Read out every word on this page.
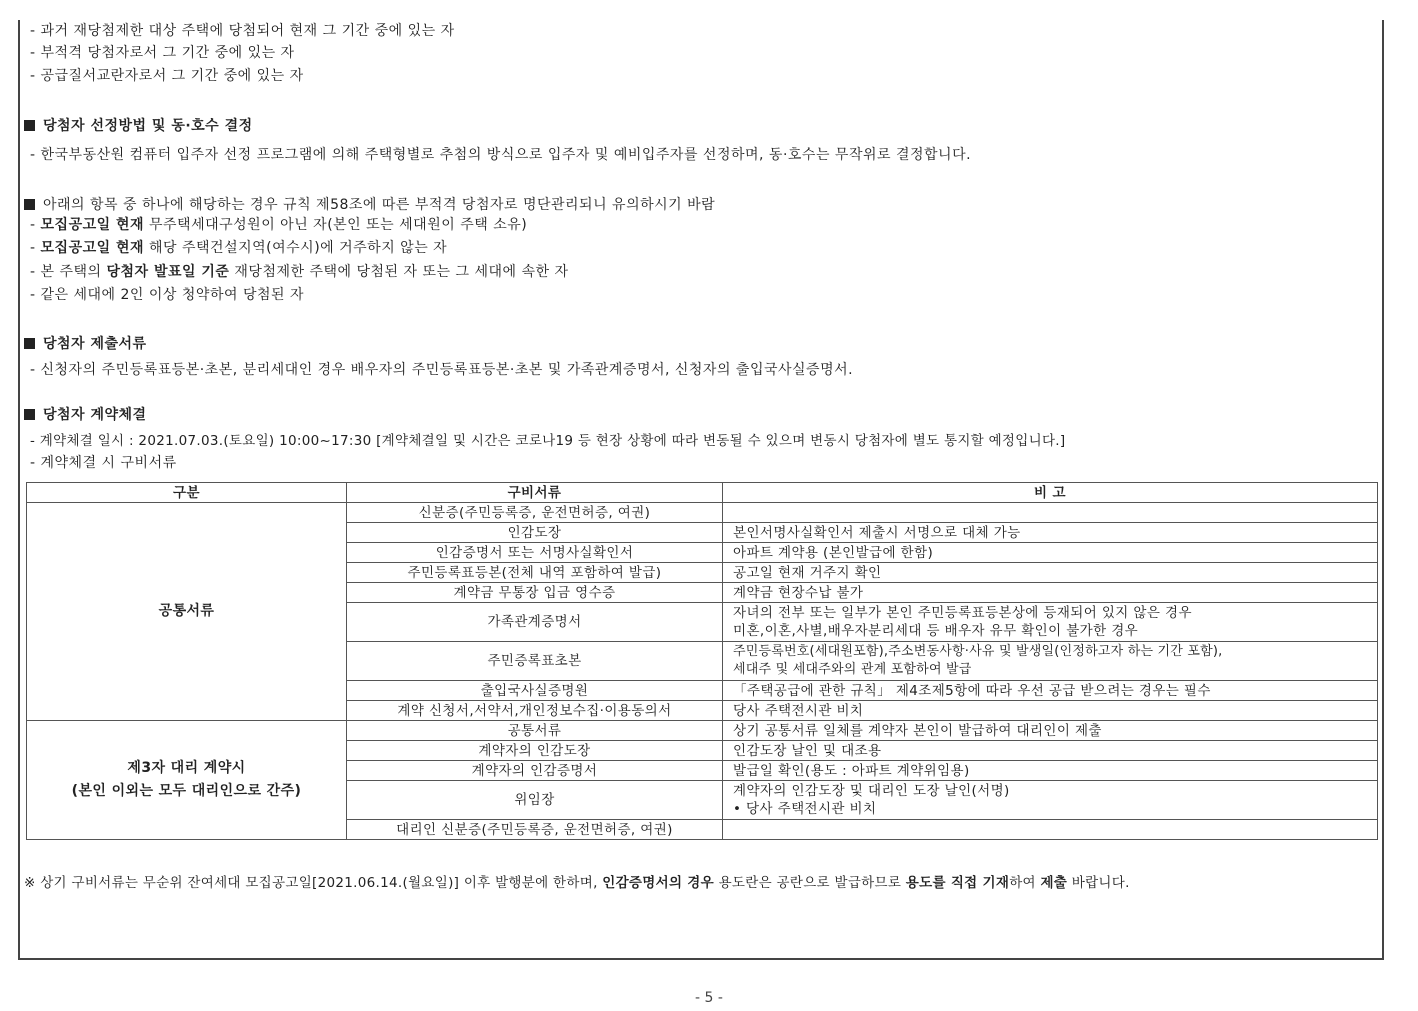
- 과거 재당첨제한 대상 주택에 당첨되어 현재 그 기간 중에 있는 자
- 부적격 당첨자로서 그 기간 중에 있는 자
- 공급질서교란자로서 그 기간 중에 있는 자
당첨자 선정방법 및 동·호수 결정
- 한국부동산원 컴퓨터 입주자 선정 프로그램에 의해 주택형별로 추첨의 방식으로 입주자 및 예비입주자를 선정하며, 동·호수는 무작위로 결정합니다.
아래의 항목 중 하나에 해당하는 경우 규칙 제58조에 따른 부적격 당첨자로 명단관리되니 유의하시기 바람
- 모집공고일 현재 무주택세대구성원이 아닌 자(본인 또는 세대원이 주택 소유)
- 모집공고일 현재 해당 주택건설지역(여수시)에 거주하지 않는 자
- 본 주택의 당첨자 발표일 기준 재당첨제한 주택에 당첨된 자 또는 그 세대에 속한 자
- 같은 세대에 2인 이상 청약하여 당첨된 자
당첨자 제출서류
- 신청자의 주민등록표등본·초본, 분리세대인 경우 배우자의 주민등록표등본·초본 및 가족관계증명서, 신청자의 출입국사실증명서.
당첨자 계약체결
- 계약체결 일시 : 2021.07.03.(토요일) 10:00~17:30 [계약체결일 및 시간은 코로나19 등 현장 상황에 따라 변동될 수 있으며 변동시 당첨자에 별도 통지할 예정입니다.]
- 계약체결 시 구비서류
구분	구비서류	비 고
공통서류	신분증(주민등록증, 운전면허증, 여권)	
	인감도장	본인서명사실확인서 제출시 서명으로 대체 가능
	인감증명서 또는 서명사실확인서	아파트 계약용 (본인발급에 한함)
	주민등록표등본(전체 내역 포함하여 발급)	공고일 현재 거주지 확인
	계약금 무통장 입금 영수증	계약금 현장수납 불가
	가족관계증명서	자녀의 전부 또는 일부가 본인 주민등록표등본상에 등재되어 있지 않은 경우
미혼,이혼,사별,배우자분리세대 등 배우자 유무 확인이 불가한 경우

	주민증록표초본	주민등록번호(세대원포함),주소변동사항·사유 및 발생일(인정하고자 하는 기간 포함),
세대주 및 세대주와의 관계 포함하여 발급

	출입국사실증명원	「주택공급에 관한 규칙」 제4조제5항에 따라 우선 공급 받으려는 경우는 필수
	계약 신청서,서약서,개인정보수집·이용동의서	당사 주택전시관 비치

제3자 대리 계약시
(본인 이외는 모두 대리인으로 간주)	공통서류	상기 공통서류 일체를 계약자 본인이 발급하여 대리인이 제출
	계약자의 인감도장	인감도장 날인 및 대조용
	계약자의 인감증명서	발급일 확인(용도 : 아파트 계약위임용)
	위임장	계약자의 인감도장 및 대리인 도장 날인(서명)
• 당사 주택전시관 비치

	대리인 신분증(주민등록증, 운전면허증, 여권)	
※ 상기 구비서류는 무순위 잔여세대 모집공고일[2021.06.14.(월요일)] 이후 발행분에 한하며, 인감증명서의 경우 용도란은 공란으로 발급하므로 용도를 직접 기재하여 제출 바랍니다.
- 5 -
